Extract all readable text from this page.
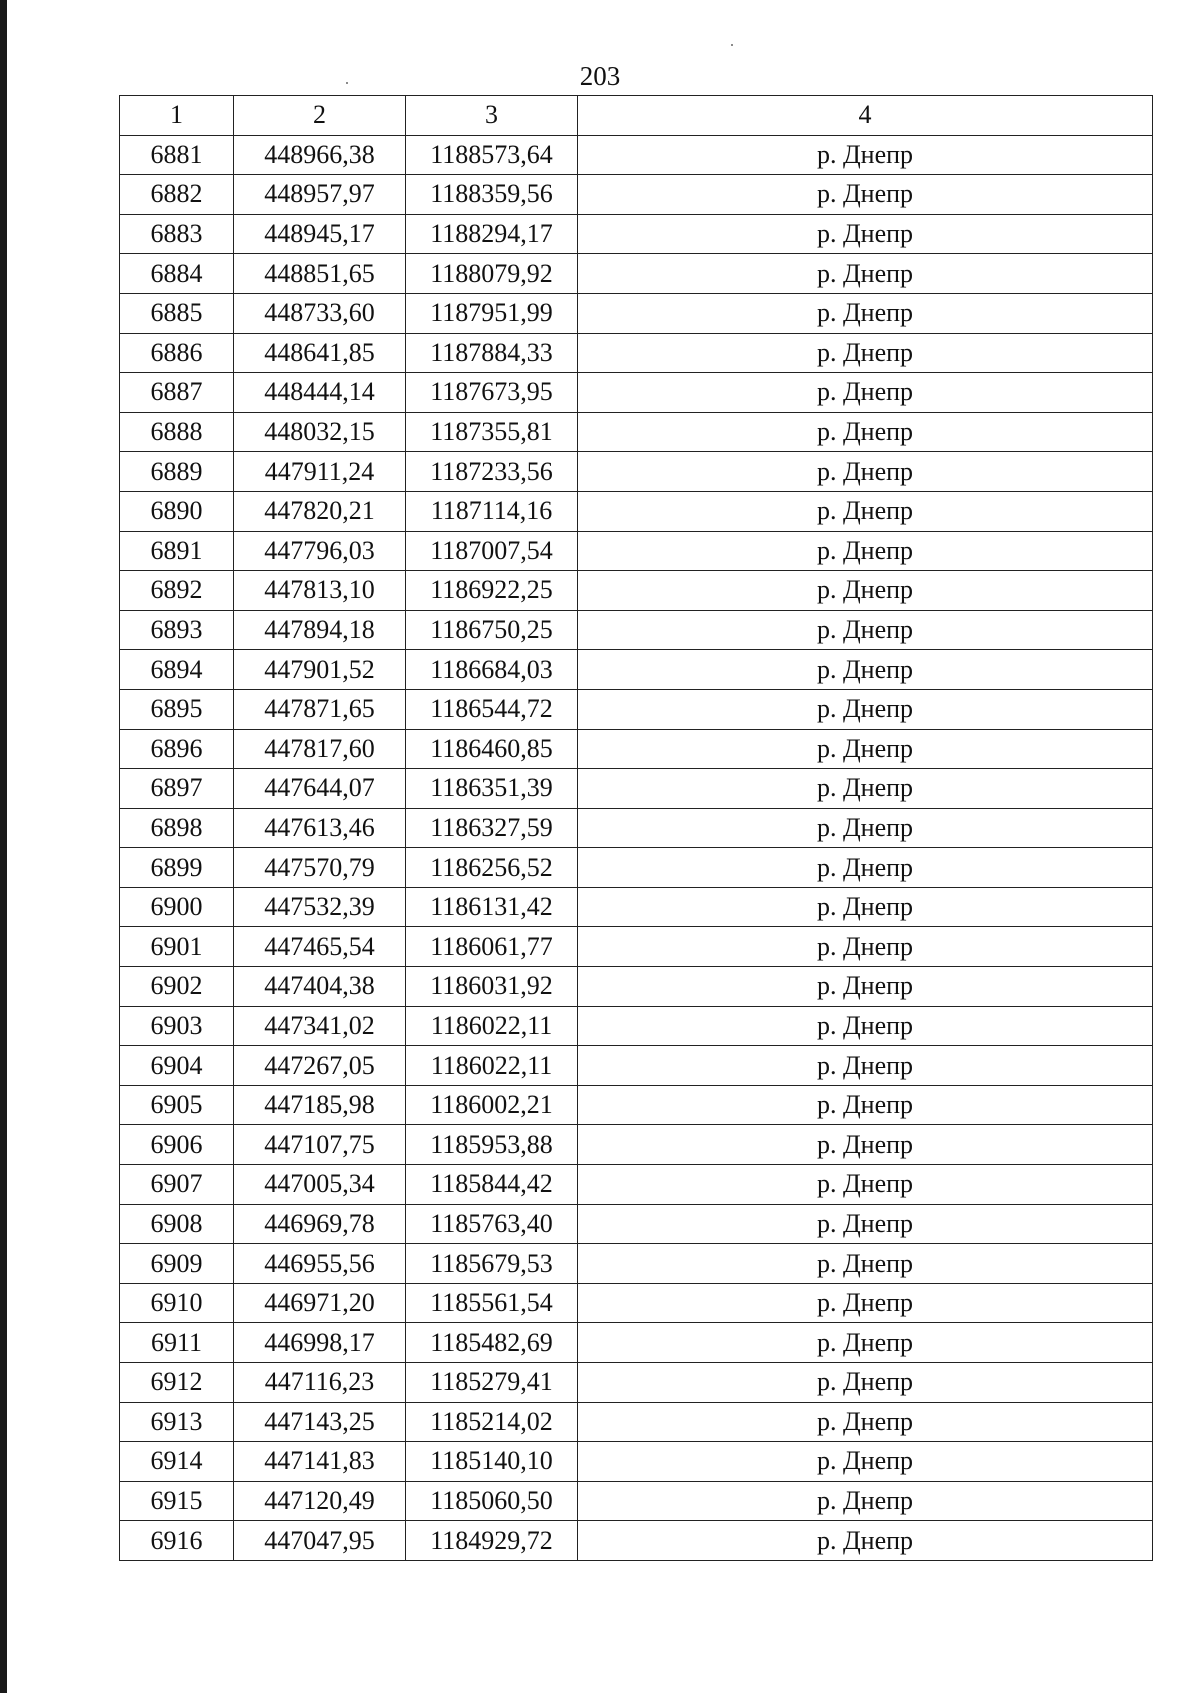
203
1	2	3	4
6881	448966,38	1188573,64	р. Днепр
6882	448957,97	1188359,56	р. Днепр
6883	448945,17	1188294,17	р. Днепр
6884	448851,65	1188079,92	р. Днепр
6885	448733,60	1187951,99	р. Днепр
6886	448641,85	1187884,33	р. Днепр
6887	448444,14	1187673,95	р. Днепр
6888	448032,15	1187355,81	р. Днепр
6889	447911,24	1187233,56	р. Днепр
6890	447820,21	1187114,16	р. Днепр
6891	447796,03	1187007,54	р. Днепр
6892	447813,10	1186922,25	р. Днепр
6893	447894,18	1186750,25	р. Днепр
6894	447901,52	1186684,03	р. Днепр
6895	447871,65	1186544,72	р. Днепр
6896	447817,60	1186460,85	р. Днепр
6897	447644,07	1186351,39	р. Днепр
6898	447613,46	1186327,59	р. Днепр
6899	447570,79	1186256,52	р. Днепр
6900	447532,39	1186131,42	р. Днепр
6901	447465,54	1186061,77	р. Днепр
6902	447404,38	1186031,92	р. Днепр
6903	447341,02	1186022,11	р. Днепр
6904	447267,05	1186022,11	р. Днепр
6905	447185,98	1186002,21	р. Днепр
6906	447107,75	1185953,88	р. Днепр
6907	447005,34	1185844,42	р. Днепр
6908	446969,78	1185763,40	р. Днепр
6909	446955,56	1185679,53	р. Днепр
6910	446971,20	1185561,54	р. Днепр
6911	446998,17	1185482,69	р. Днепр
6912	447116,23	1185279,41	р. Днепр
6913	447143,25	1185214,02	р. Днепр
6914	447141,83	1185140,10	р. Днепр
6915	447120,49	1185060,50	р. Днепр
6916	447047,95	1184929,72	р. Днепр
